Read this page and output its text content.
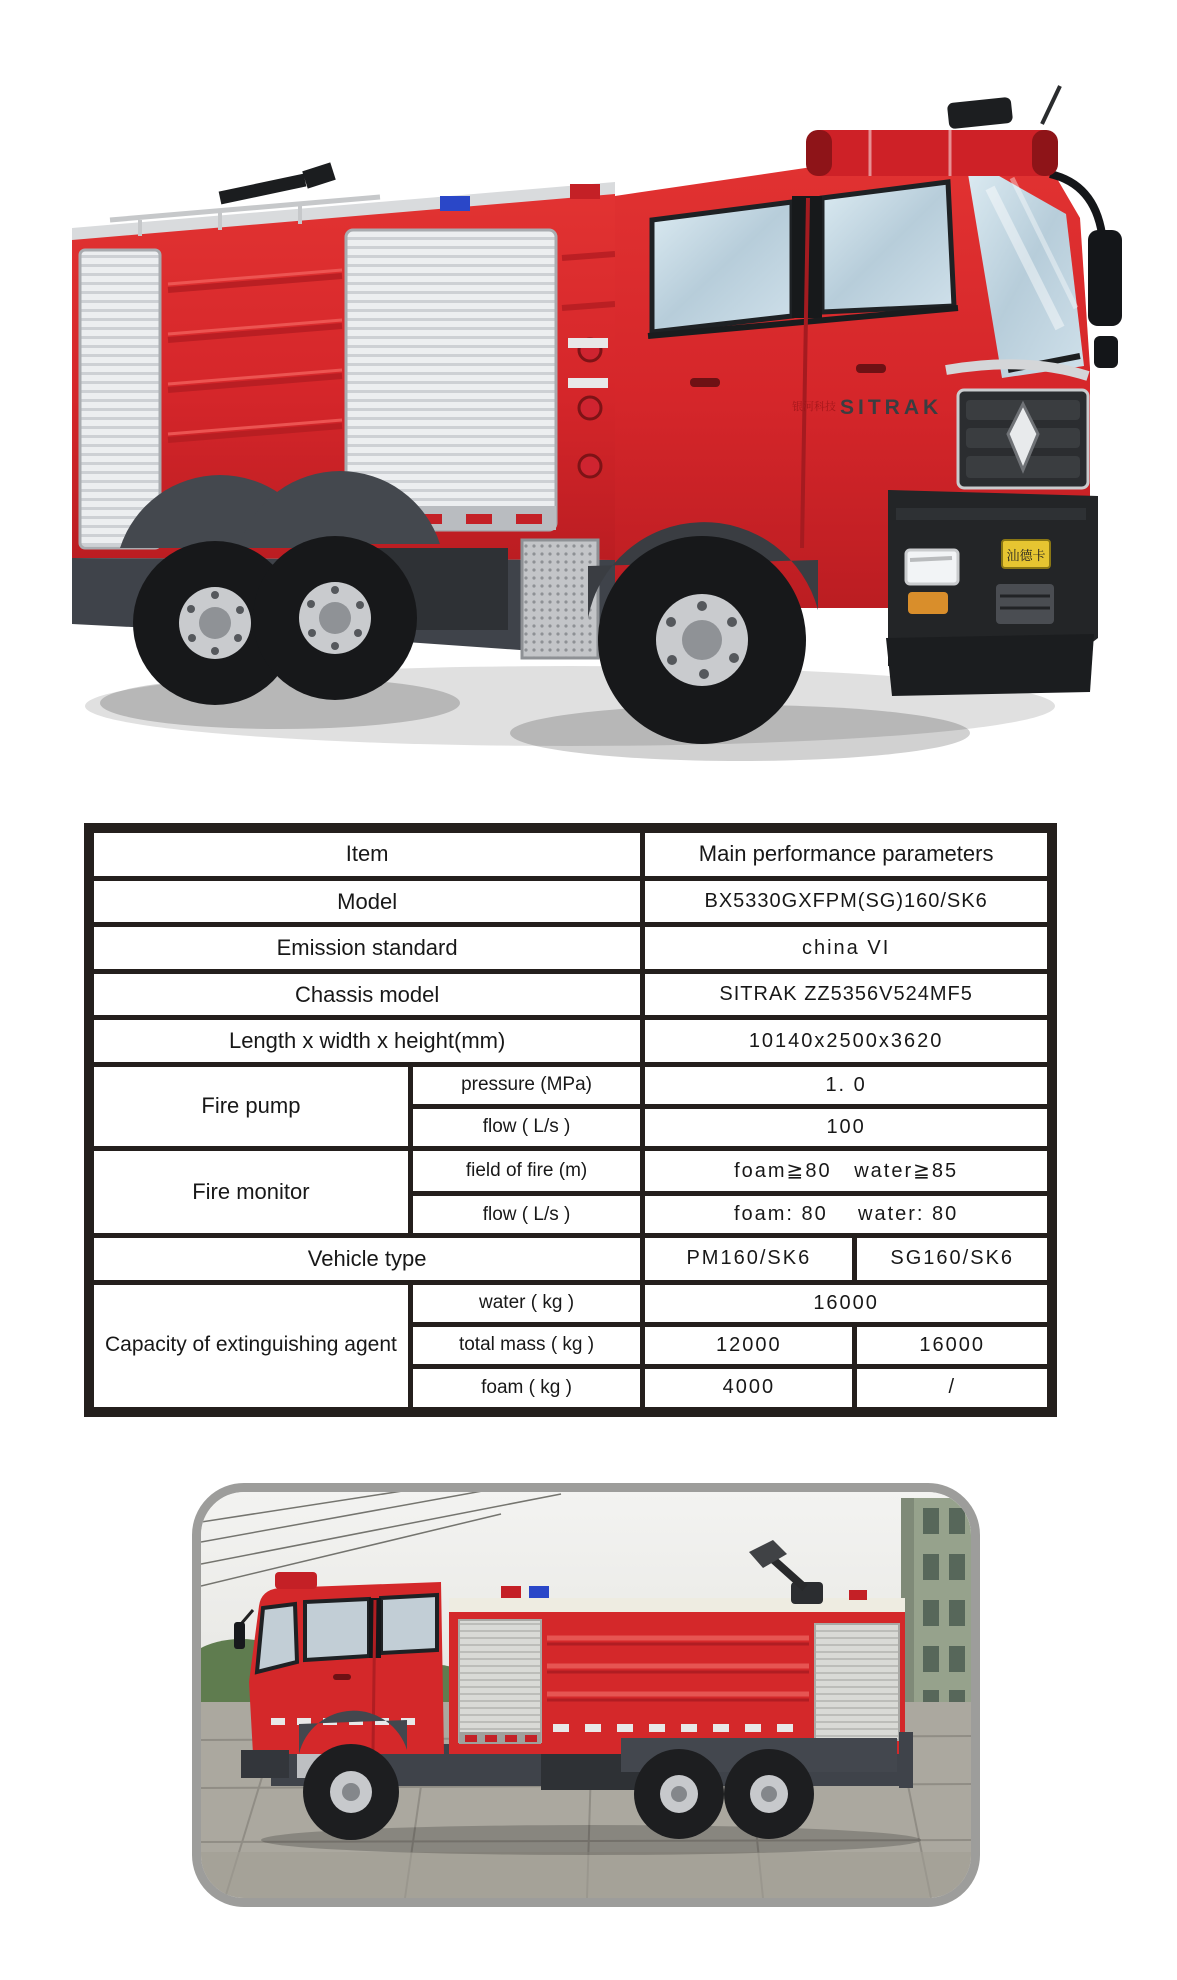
银河科技 SITRAK
汕德卡
Item		Main performance parameters	
Model		BX5330GXFPM(SG)160/SK6	
Emission standard		china VI	
Chassis model		SITRAK ZZ5356V524MF5	
Length x width x height(mm)		10140x2500x3620	
Fire pump	pressure (MPa)	1. 0	
	flow ( L/s )	100	
Fire monitor	field of fire (m)	foam≧80   water≧85	
	flow ( L/s )	foam: 80    water: 80	
Vehicle type		PM160/SK6	SG160/SK6
Capacity of extinguishing agent	water ( kg )	16000	
	total mass ( kg )	12000	16000
	foam ( kg )	4000	/
